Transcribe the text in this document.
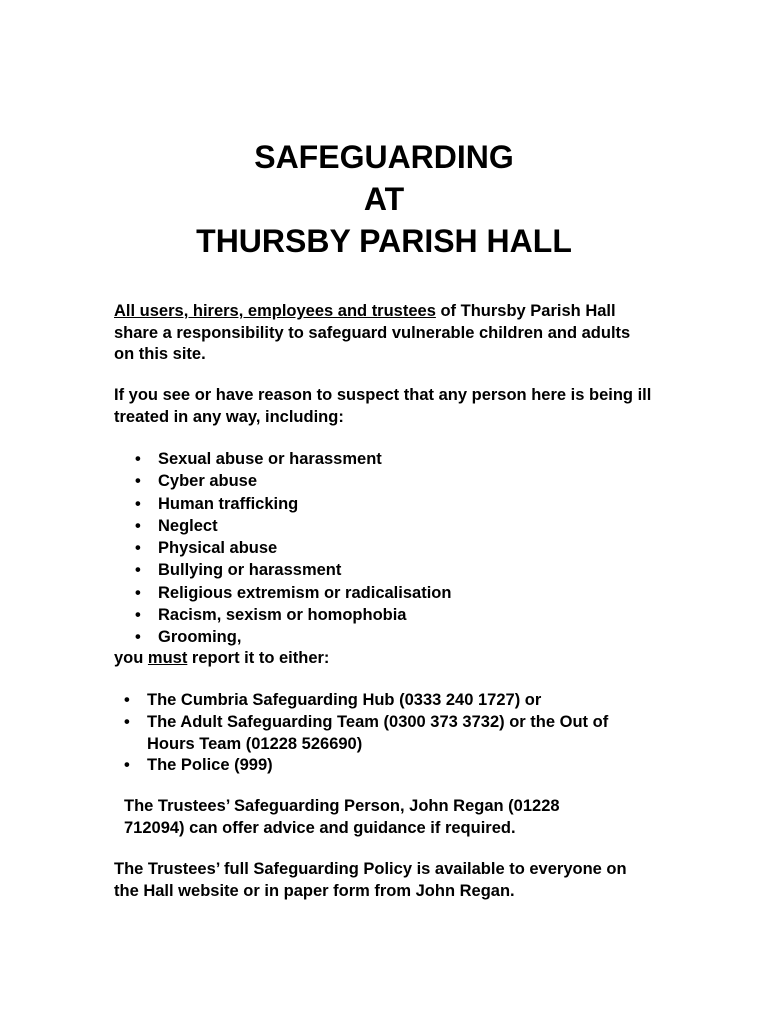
SAFEGUARDING
AT
THURSBY PARISH HALL
All users, hirers, employees and trustees of Thursby Parish Hall share a responsibility to safeguard vulnerable children and adults on this site.
If you see or have reason to suspect that any person here is being ill treated in any way, including:
• Sexual abuse or harassment
• Cyber abuse
• Human trafficking
• Neglect
• Physical abuse
• Bullying or harassment
• Religious extremism or radicalisation
• Racism, sexism or homophobia
• Grooming,
you must report it to either:
• The Cumbria Safeguarding Hub (0333 240 1727) or
• The Adult Safeguarding Team (0300 373 3732) or the Out of Hours Team (01228 526690)
• The Police (999)
The Trustees’ Safeguarding Person, John Regan (01228 712094) can offer advice and guidance if required.
The Trustees’ full Safeguarding Policy is available to everyone on the Hall website or in paper form from John Regan.
